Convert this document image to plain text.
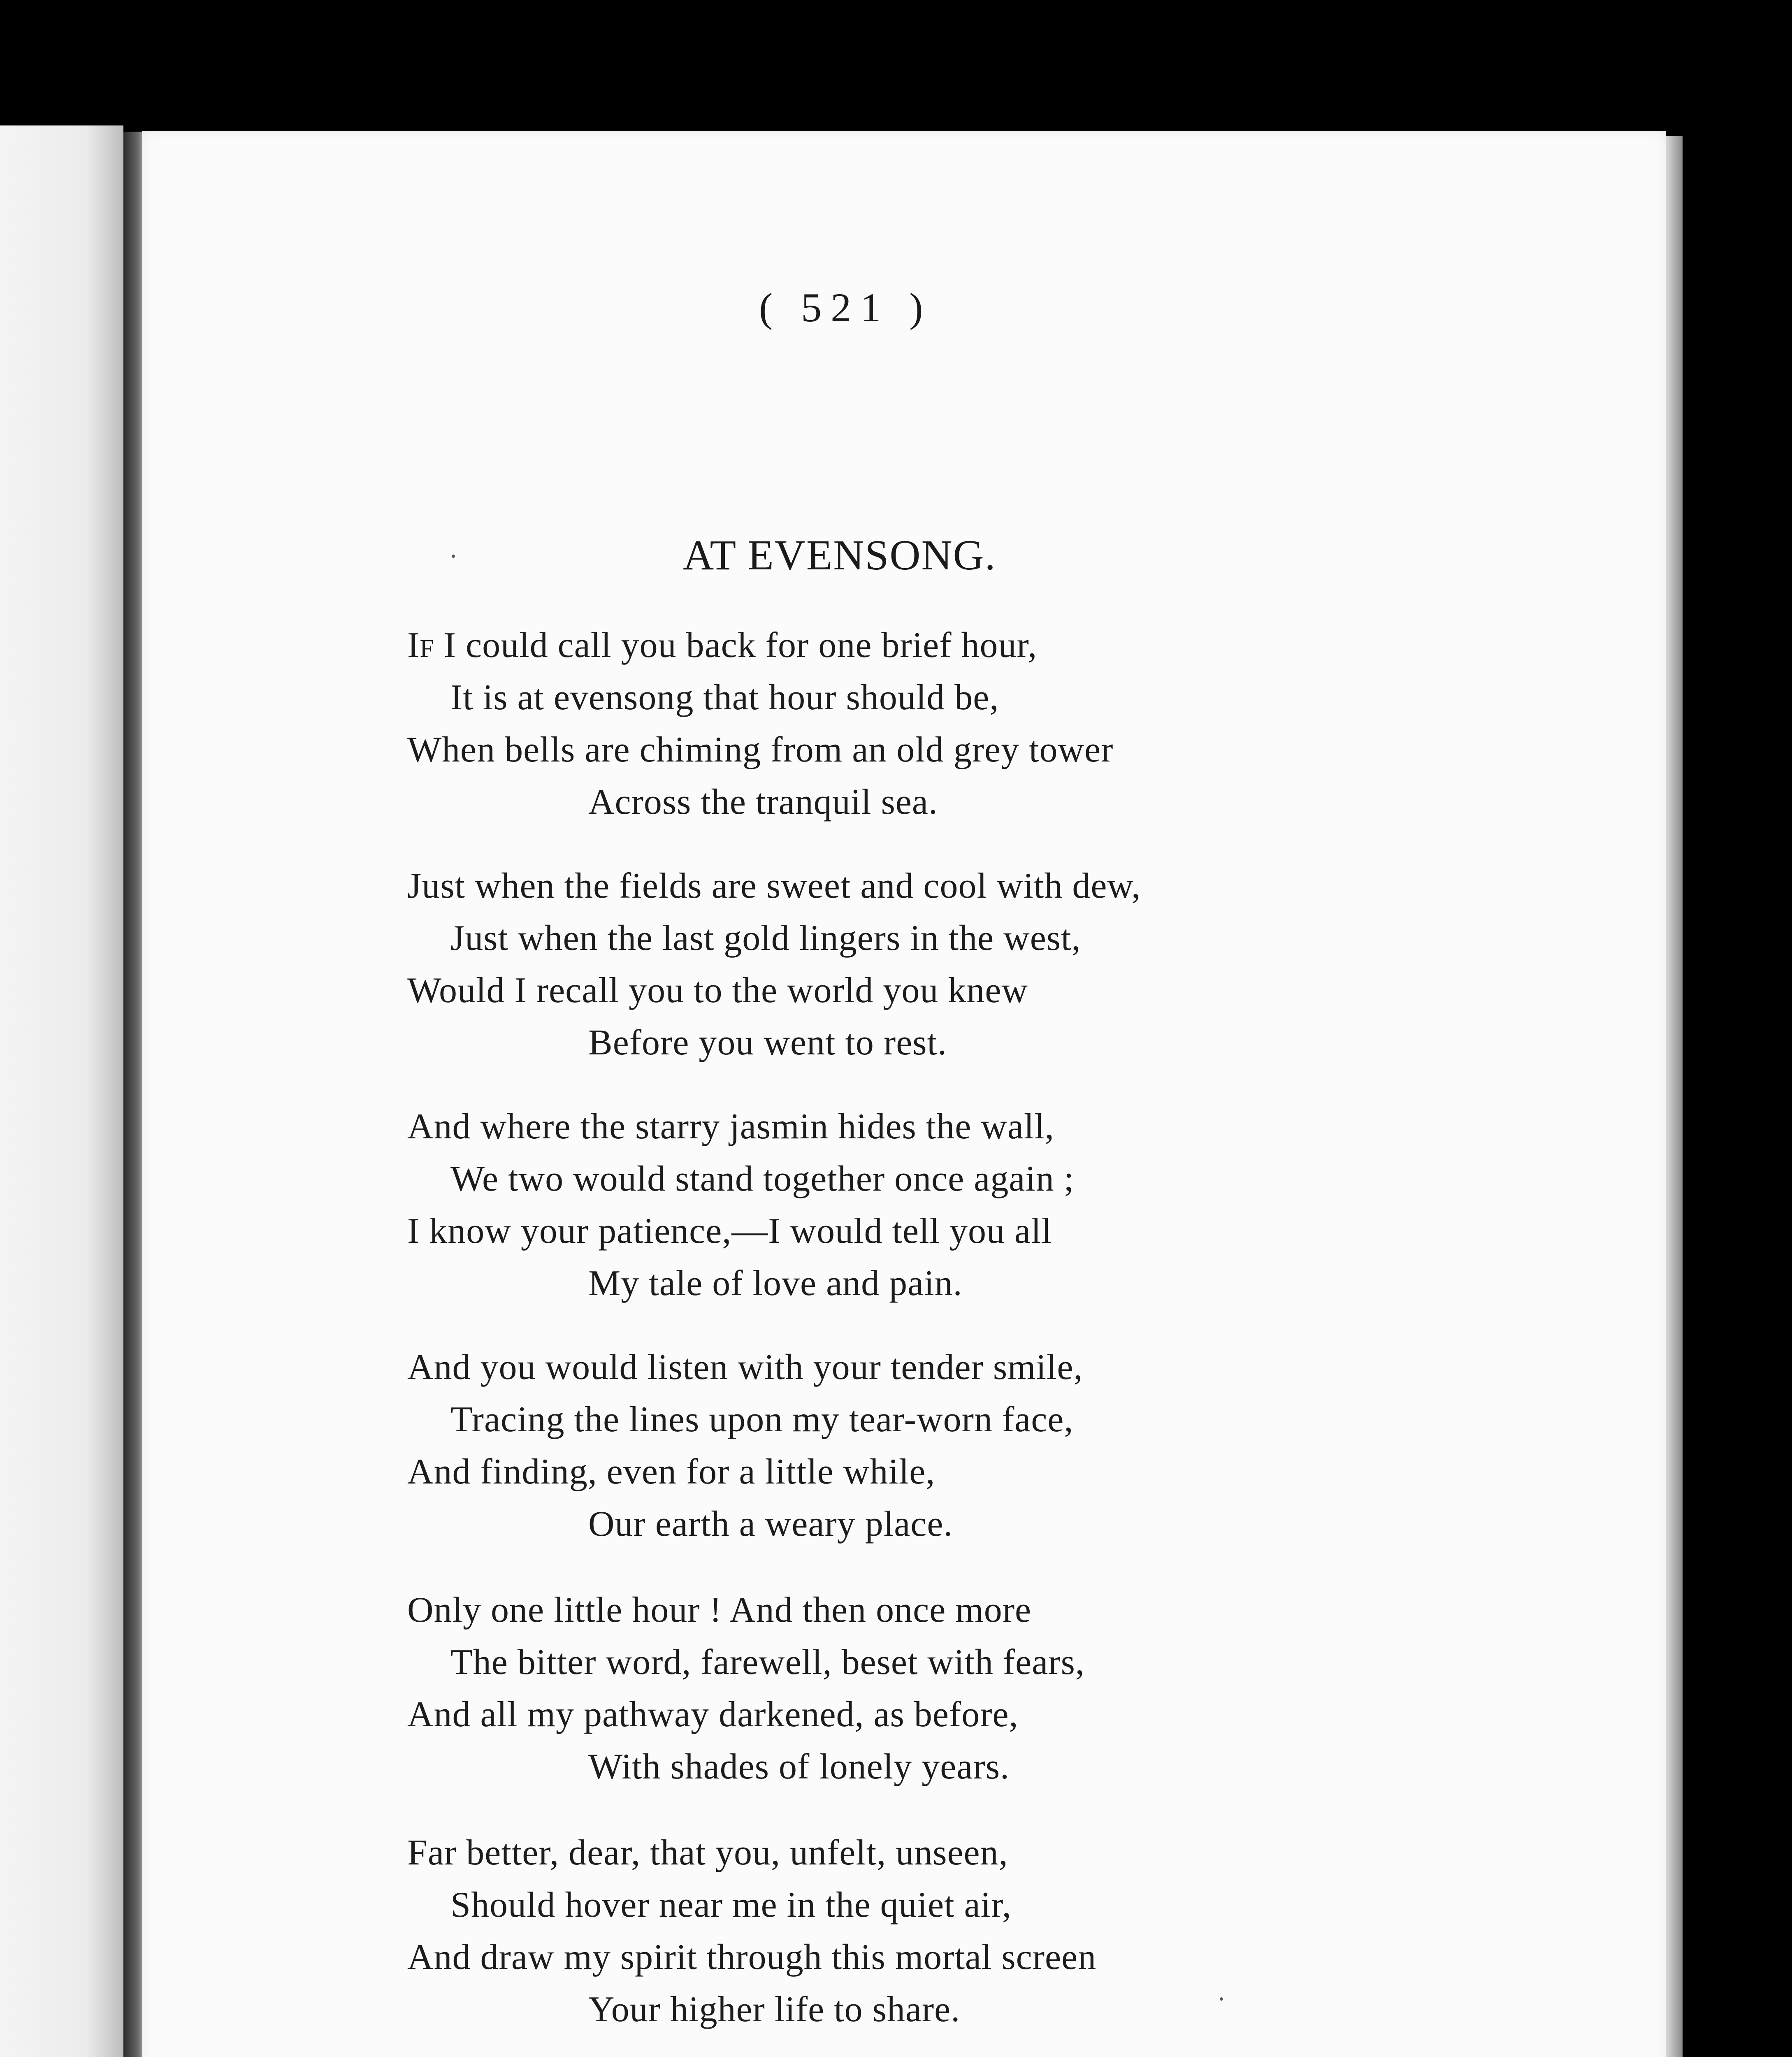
( 521 )
AT EVENSONG.
If I could call you back for one brief hour,
It is at evensong that hour should be,
When bells are chiming from an old grey tower
Across the tranquil sea.
Just when the fields are sweet and cool with dew,
Just when the last gold lingers in the west,
Would I recall you to the world you knew
Before you went to rest.
And where the starry jasmin hides the wall,
We two would stand together once again ;
I know your patience,—I would tell you all
My tale of love and pain.
And you would listen with your tender smile,
Tracing the lines upon my tear-worn face,
And finding, even for a little while,
Our earth a weary place.
Only one little hour ! And then once more
The bitter word, farewell, beset with fears,
And all my pathway darkened, as before,
With shades of lonely years.
Far better, dear, that you, unfelt, unseen,
Should hover near me in the quiet air,
And draw my spirit through this mortal screen
Your higher life to share.
